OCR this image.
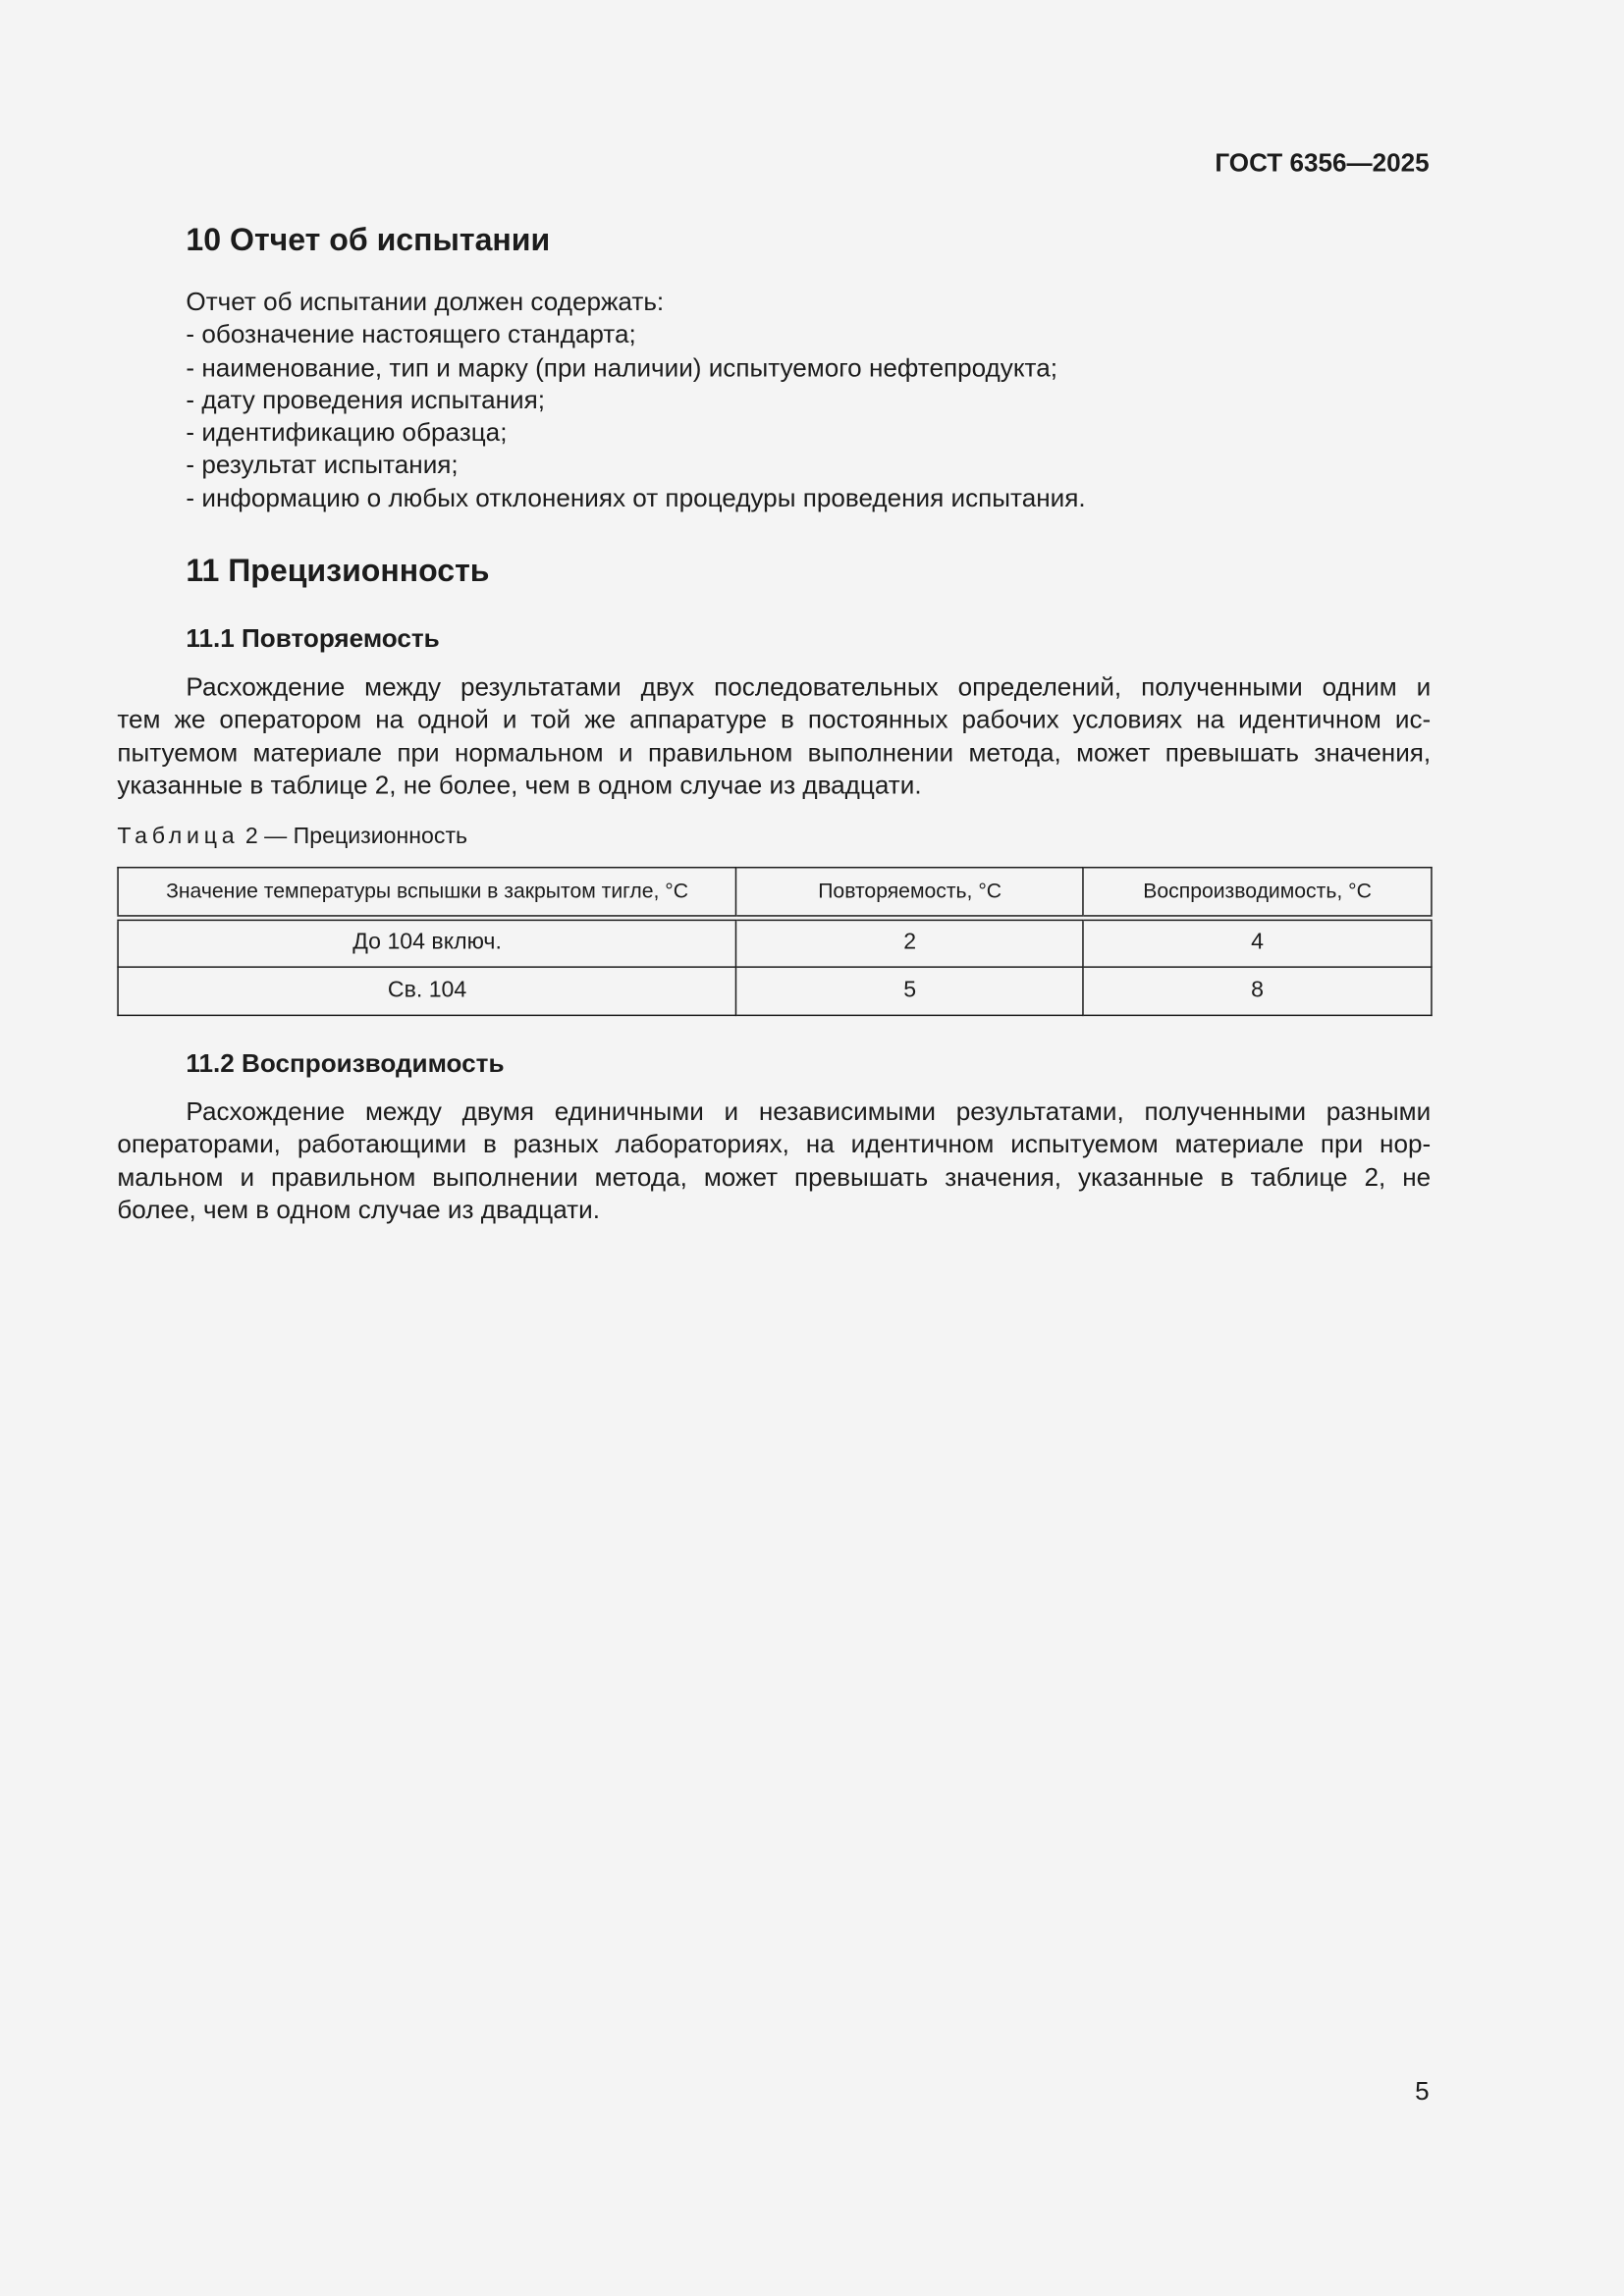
ГОСТ 6356—2025
10 Отчет об испытании
Отчет об испытании должен содержать:
- обозначение настоящего стандарта;
- наименование, тип и марку (при наличии) испытуемого нефтепродукта;
- дату проведения испытания;
- идентификацию образца;
- результат испытания;
- информацию о любых отклонениях от процедуры проведения испытания.
11 Прецизионность
11.1 Повторяемость
Расхождение между результатами двух последовательных определений, полученными одним и
тем же оператором на одной и той же аппаратуре в постоянных рабочих условиях на идентичном ис-
пытуемом материале при нормальном и правильном выполнении метода, может превышать значения,
указанные в таблице 2, не более, чем в одном случае из двадцати.
Таблица 2 — Прецизионность
Значение температуры вспышки в закрытом тигле, °С	Повторяемость, °С	Воспроизводимость, °С
До 104 включ.	2	4
Св. 104	5	8
11.2 Воспроизводимость
Расхождение между двумя единичными и независимыми результатами, полученными разными
операторами, работающими в разных лабораториях, на идентичном испытуемом материале при нор-
мальном и правильном выполнении метода, может превышать значения, указанные в таблице 2, не
более, чем в одном случае из двадцати.
5
